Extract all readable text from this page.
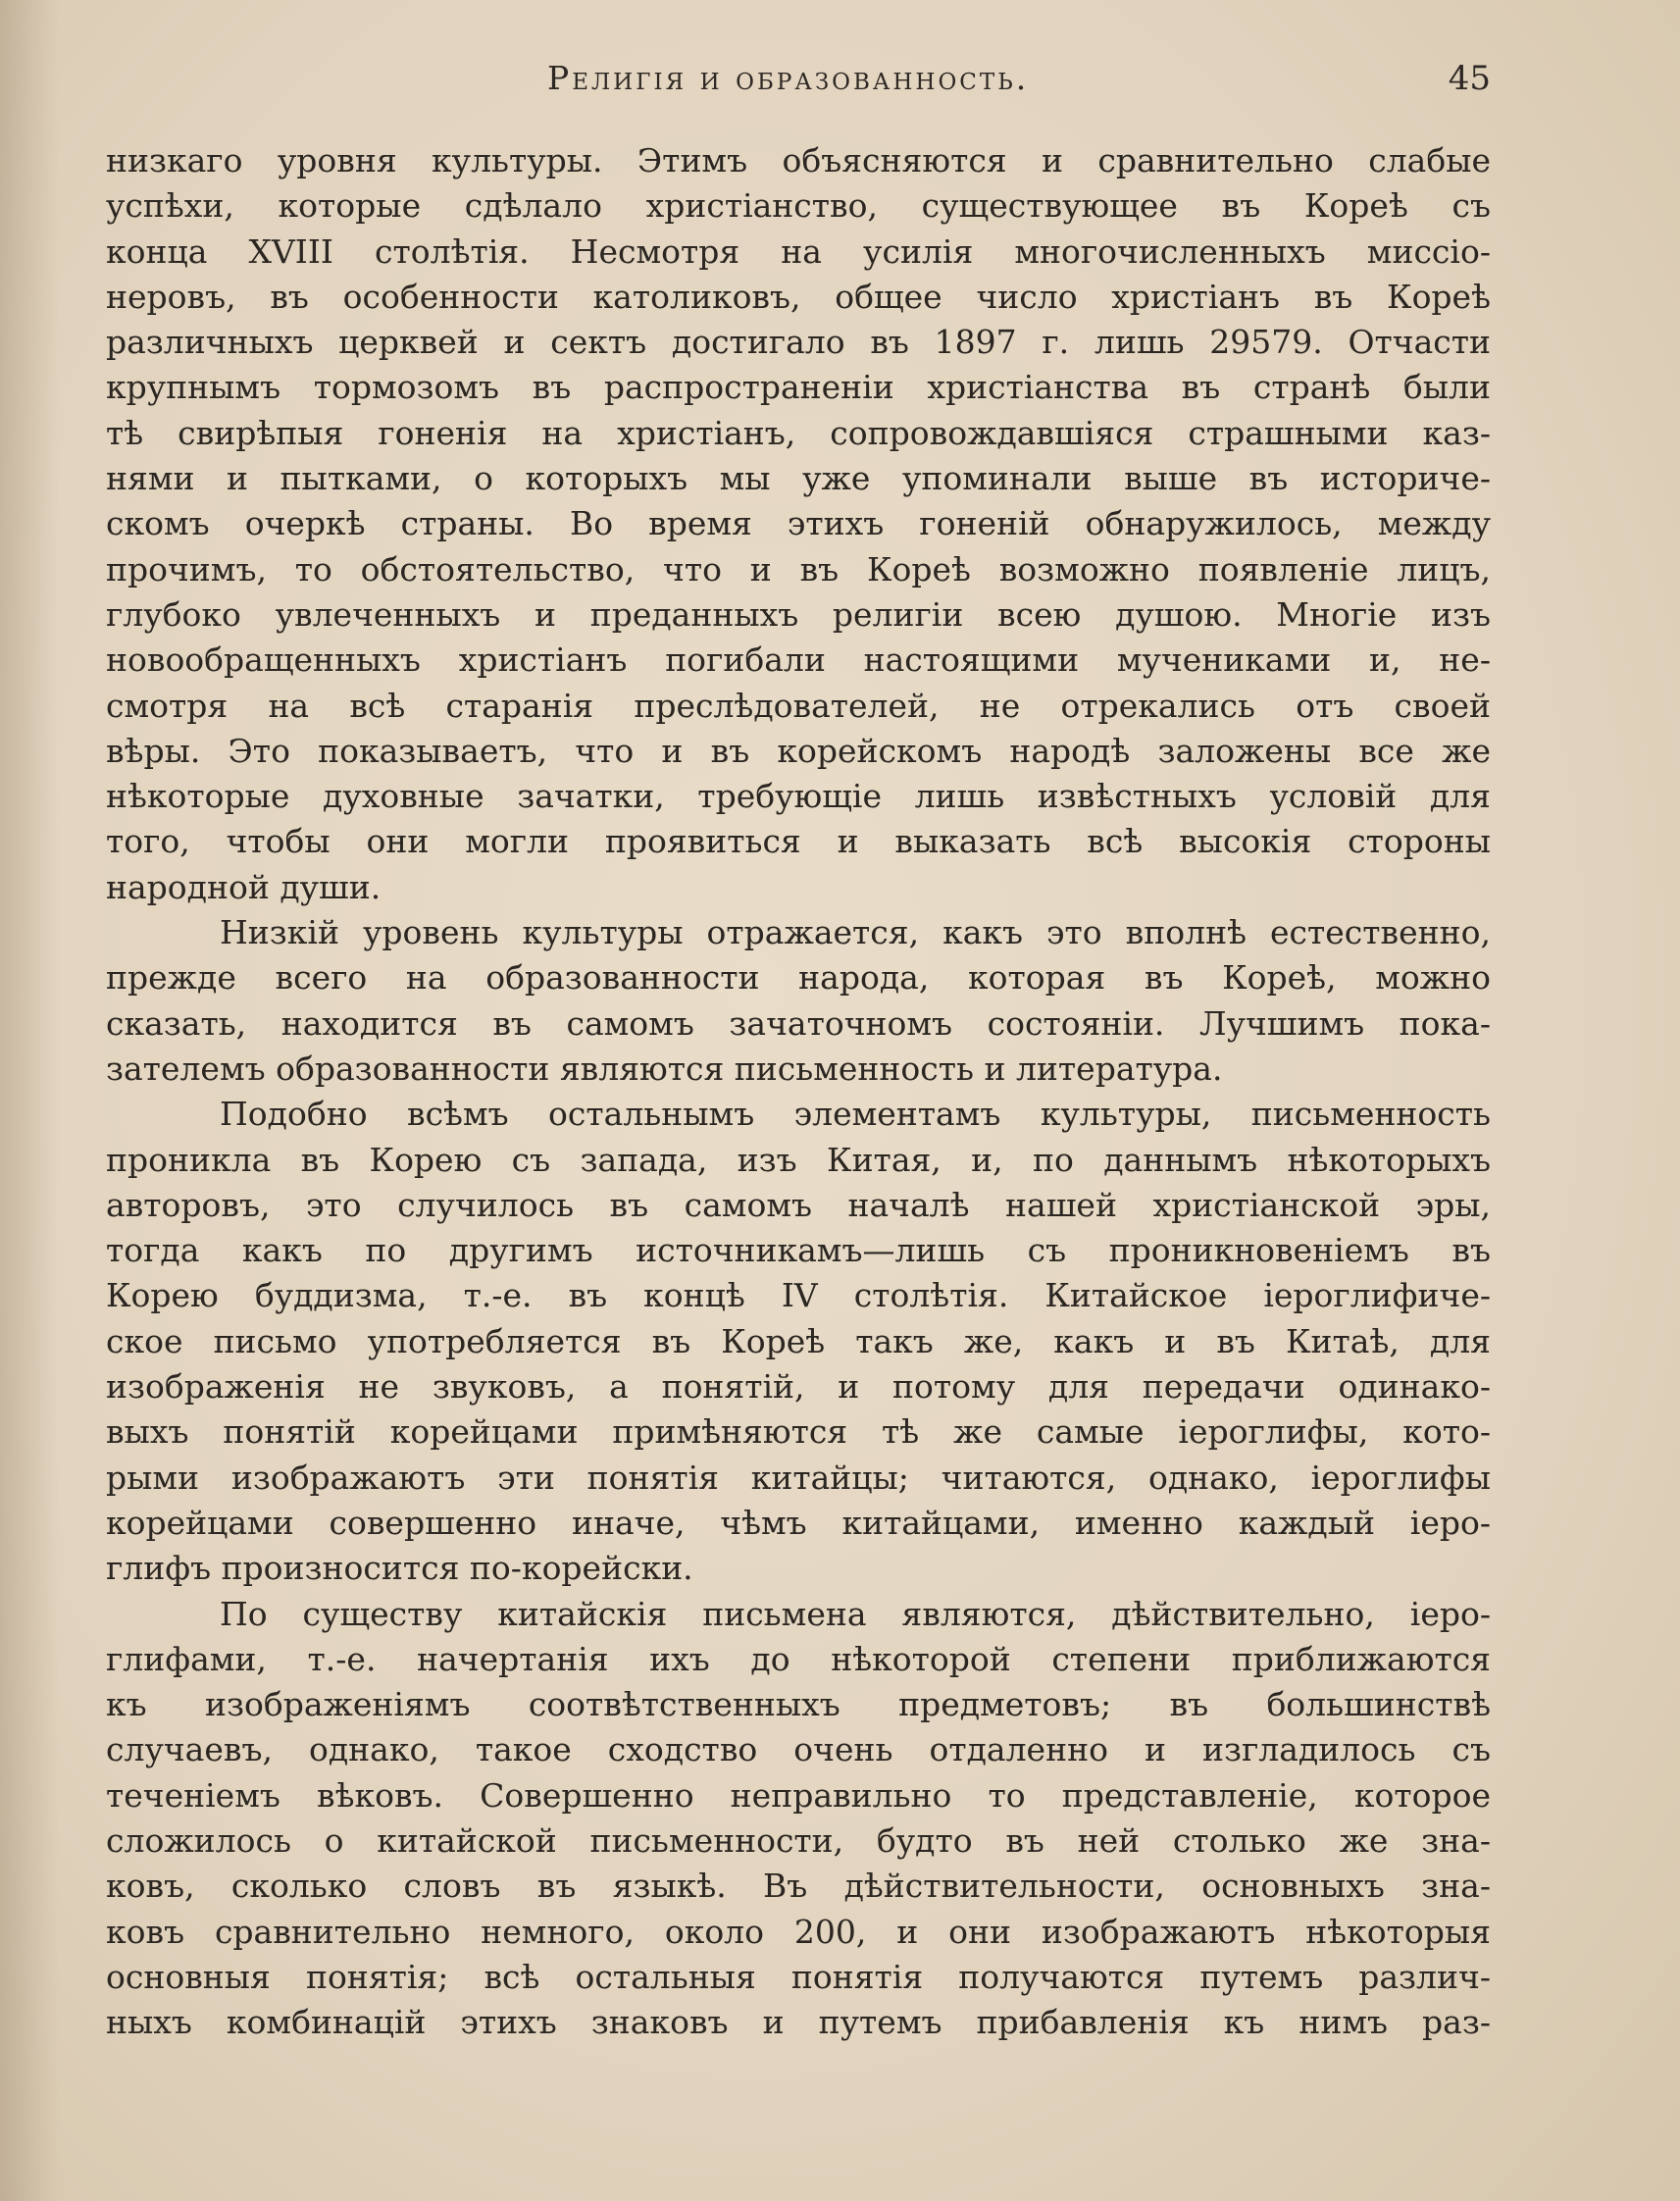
Религія и образованность.	45
низкаго уровня культуры. Этимъ объясняются и сравнительно слабые
успѣхи, которые сдѣлало христіанство, существующее въ Кореѣ съ
конца XVIII столѣтія. Несмотря на усилія многочисленныхъ миссіо-
неровъ, въ особенности католиковъ, общее число христіанъ въ Кореѣ
различныхъ церквей и сектъ достигало въ 1897 г. лишь 29579. Отчасти
крупнымъ тормозомъ въ распространеніи христіанства въ странѣ были
тѣ свирѣпыя гоненія на христіанъ, сопровождавшіяся страшными каз-
нями и пытками, о которыхъ мы уже упоминали выше въ историче-
скомъ очеркѣ страны. Во время этихъ гоненій обнаружилось, между
прочимъ, то обстоятельство, что и въ Кореѣ возможно появленіе лицъ,
глубоко увлеченныхъ и преданныхъ религіи всею душою. Многіе изъ
новообращенныхъ христіанъ погибали настоящими мучениками и, не-
смотря на всѣ старанія преслѣдователей, не отрекались отъ своей
вѣры. Это показываетъ, что и въ корейскомъ народѣ заложены все же
нѣкоторые духовные зачатки, требующіе лишь извѣстныхъ условій для
того, чтобы они могли проявиться и выказать всѣ высокія стороны
народной души.
Низкій уровень культуры отражается, какъ это вполнѣ естественно,
прежде всего на образованности народа, которая въ Кореѣ, можно
сказать, находится въ самомъ зачаточномъ состояніи. Лучшимъ пока-
зателемъ образованности являются письменность и литература.
Подобно всѣмъ остальнымъ элементамъ культуры, письменность
проникла въ Корею съ запада, изъ Китая, и, по даннымъ нѣкоторыхъ
авторовъ, это случилось въ самомъ началѣ нашей христіанской эры,
тогда какъ по другимъ источникамъ—лишь съ проникновеніемъ въ
Корею буддизма, т.-е. въ концѣ IV столѣтія. Китайское іероглифиче-
ское письмо употребляется въ Кореѣ такъ же, какъ и въ Китаѣ, для
изображенія не звуковъ, а понятій, и потому для передачи одинако-
выхъ понятій корейцами примѣняются тѣ же самые іероглифы, кото-
рыми изображаютъ эти понятія китайцы; читаются, однако, іероглифы
корейцами совершенно иначе, чѣмъ китайцами, именно каждый іеро-
глифъ произносится по-корейски.
По существу китайскія письмена являются, дѣйствительно, іеро-
глифами, т.-е. начертанія ихъ до нѣкоторой степени приближаются
къ изображеніямъ соотвѣтственныхъ предметовъ; въ большинствѣ
случаевъ, однако, такое сходство очень отдаленно и изгладилось съ
теченіемъ вѣковъ. Совершенно неправильно то представленіе, которое
сложилось о китайской письменности, будто въ ней столько же зна-
ковъ, сколько словъ въ языкѣ. Въ дѣйствительности, основныхъ зна-
ковъ сравнительно немного, около 200, и они изображаютъ нѣкоторыя
основныя понятія; всѣ остальныя понятія получаются путемъ различ-
ныхъ комбинацій этихъ знаковъ и путемъ прибавленія къ нимъ раз-
